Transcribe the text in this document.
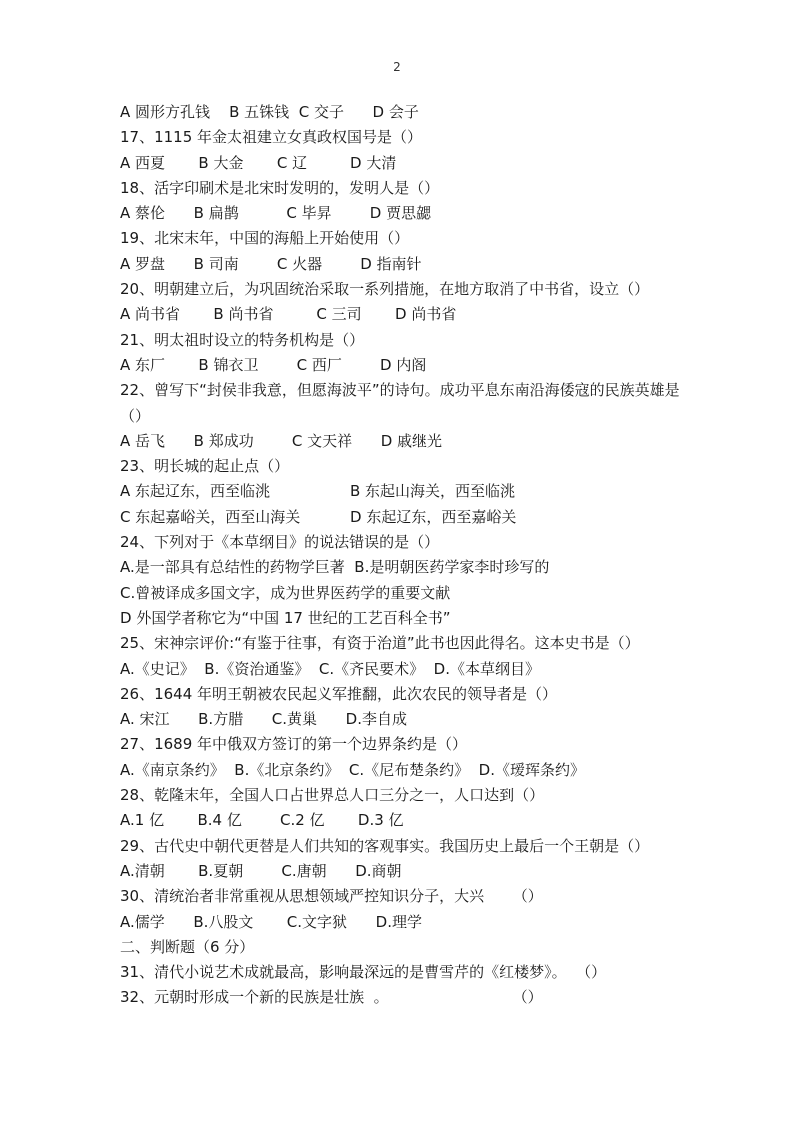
2
A 圆形方孔钱    B 五铢钱  C 交子      D 会子
17、1115 年金太祖建立女真政权国号是（）
A 西夏       B 大金       C 辽         D 大清
18、活字印刷术是北宋时发明的，发明人是（）
A 蔡伦      B 扁鹊          C 毕昇        D 贾思勰
19、北宋末年，中国的海船上开始使用（）
A 罗盘      B 司南        C 火器        D 指南针
20、明朝建立后，为巩固统治采取一系列措施，在地方取消了中书省，设立（）
A 尚书省       B 尚书省         C 三司       D 尚书省
21、明太祖时设立的特务机构是（）
A 东厂       B 锦衣卫        C 西厂        D 内阁
22、曾写下“封侯非我意，但愿海波平”的诗句。成功平息东南沿海倭寇的民族英雄是（）
A 岳飞      B 郑成功        C 文天祥      D 戚继光
23、明长城的起止点（）
A 东起辽东，西至临洮	B 东起山海关，西至临洮
C 东起嘉峪关，西至山海关	D 东起辽东，西至嘉峪关
24、下列对于《本草纲目》的说法错误的是（）
A.是一部具有总结性的药物学巨著  B.是明朝医药学家李时珍写的
C.曾被译成多国文字，成为世界医药学的重要文献
D 外国学者称它为“中国 17 世纪的工艺百科全书”
25、宋神宗评价:“有鉴于往事，有资于治道”此书也因此得名。这本史书是（）
A.《史记》  B.《资治通鉴》  C.《齐民要术》  D.《本草纲目》
26、1644 年明王朝被农民起义军推翻，此次农民的领导者是（）
A. 宋江      B.方腊      C.黄巢      D.李自成
27、1689 年中俄双方签订的第一个边界条约是（）
A.《南京条约》  B.《北京条约》  C.《尼布楚条约》  D.《瑷珲条约》
28、乾隆末年，全国人口占世界总人口三分之一，人口达到（）
A.1 亿       B.4 亿        C.2 亿       D.3 亿
29、古代史中朝代更替是人们共知的客观事实。我国历史上最后一个王朝是（）
A.清朝       B.夏朝        C.唐朝      D.商朝
30、清统治者非常重视从思想领域严控知识分子，大兴      （）
A.儒学      B.八股文       C.文字狱      D.理学
二、判断题（6 分）
31、清代小说艺术成就最高，影响最深远的是曹雪芹的《红楼梦》。  （）
32、元朝时形成一个新的民族是壮族  。                          （）
